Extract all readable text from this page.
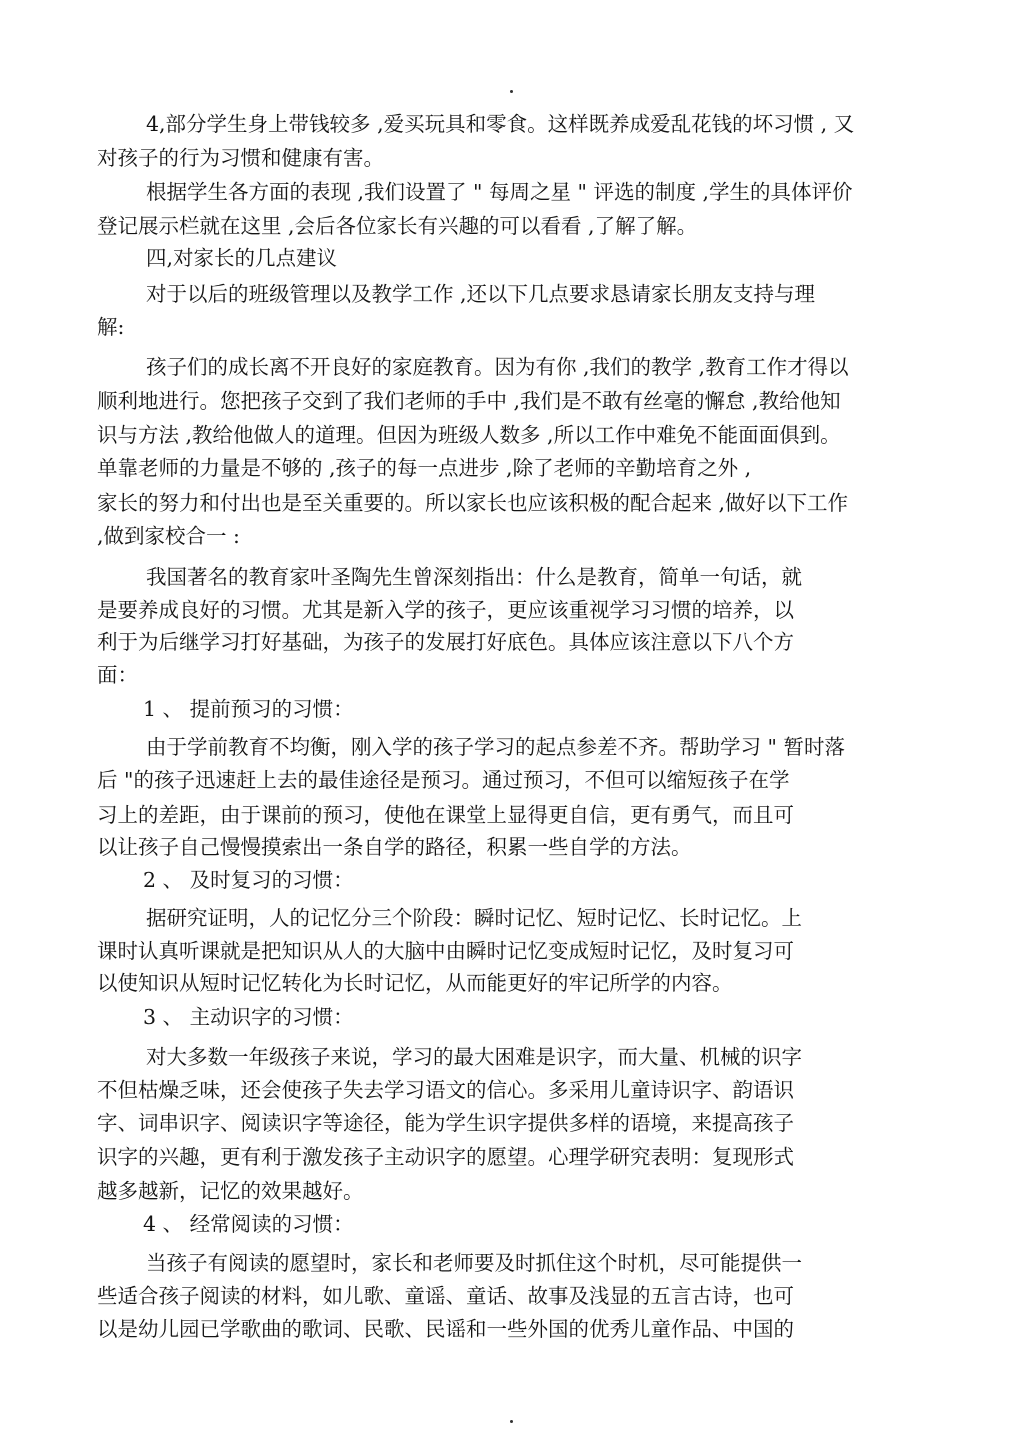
4,部分学生身上带钱较多 ,爱买玩具和零食。这样既养成爱乱花钱的坏习惯 , 又
对孩子的行为习惯和健康有害。
根据学生各方面的表现 ,我们设置了 " 每周之星 " 评选的制度 ,学生的具体评价
登记展示栏就在这里 ,会后各位家长有兴趣的可以看看 ,了解了解。
四,对家长的几点建议
对于以后的班级管理以及教学工作 ,还以下几点要求恳请家长朋友支持与理
解:
孩子们的成长离不开良好的家庭教育。因为有你 ,我们的教学 ,教育工作才得以
顺利地进行。您把孩子交到了我们老师的手中 ,我们是不敢有丝毫的懈怠 ,教给他知
识与方法 ,教给他做人的道理。但因为班级人数多 ,所以工作中难免不能面面俱到。
单靠老师的力量是不够的 ,孩子的每一点进步 ,除了老师的辛勤培育之外 ,
家长的努力和付出也是至关重要的。所以家长也应该积极的配合起来 ,做好以下工作
,做到家校合一 :
我国著名的教育家叶圣陶先生曾深刻指出：什么是教育，简单一句话，就
是要养成良好的习惯。尤其是新入学的孩子，更应该重视学习习惯的培养，以
利于为后继学习打好基础，为孩子的发展打好底色。具体应该注意以下八个方
面：
1 、 提前预习的习惯：
由于学前教育不均衡，刚入学的孩子学习的起点参差不齐。帮助学习 " 暂时落
后 "的孩子迅速赶上去的最佳途径是预习。通过预习，不但可以缩短孩子在学
习上的差距，由于课前的预习，使他在课堂上显得更自信，更有勇气，而且可
以让孩子自己慢慢摸索出一条自学的路径，积累一些自学的方法。
2 、 及时复习的习惯：
据研究证明，人的记忆分三个阶段：瞬时记忆、短时记忆、长时记忆。上
课时认真听课就是把知识从人的大脑中由瞬时记忆变成短时记忆，及时复习可
以使知识从短时记忆转化为长时记忆，从而能更好的牢记所学的内容。
3 、 主动识字的习惯：
对大多数一年级孩子来说，学习的最大困难是识字，而大量、机械的识字
不但枯燥乏味，还会使孩子失去学习语文的信心。多采用儿童诗识字、韵语识
字、词串识字、阅读识字等途径，能为学生识字提供多样的语境，来提高孩子
识字的兴趣，更有利于激发孩子主动识字的愿望。心理学研究表明：复现形式
越多越新，记忆的效果越好。
4 、 经常阅读的习惯：
当孩子有阅读的愿望时，家长和老师要及时抓住这个时机，尽可能提供一
些适合孩子阅读的材料，如儿歌、童谣、童话、故事及浅显的五言古诗，也可
以是幼儿园已学歌曲的歌词、民歌、民谣和一些外国的优秀儿童作品、中国的
